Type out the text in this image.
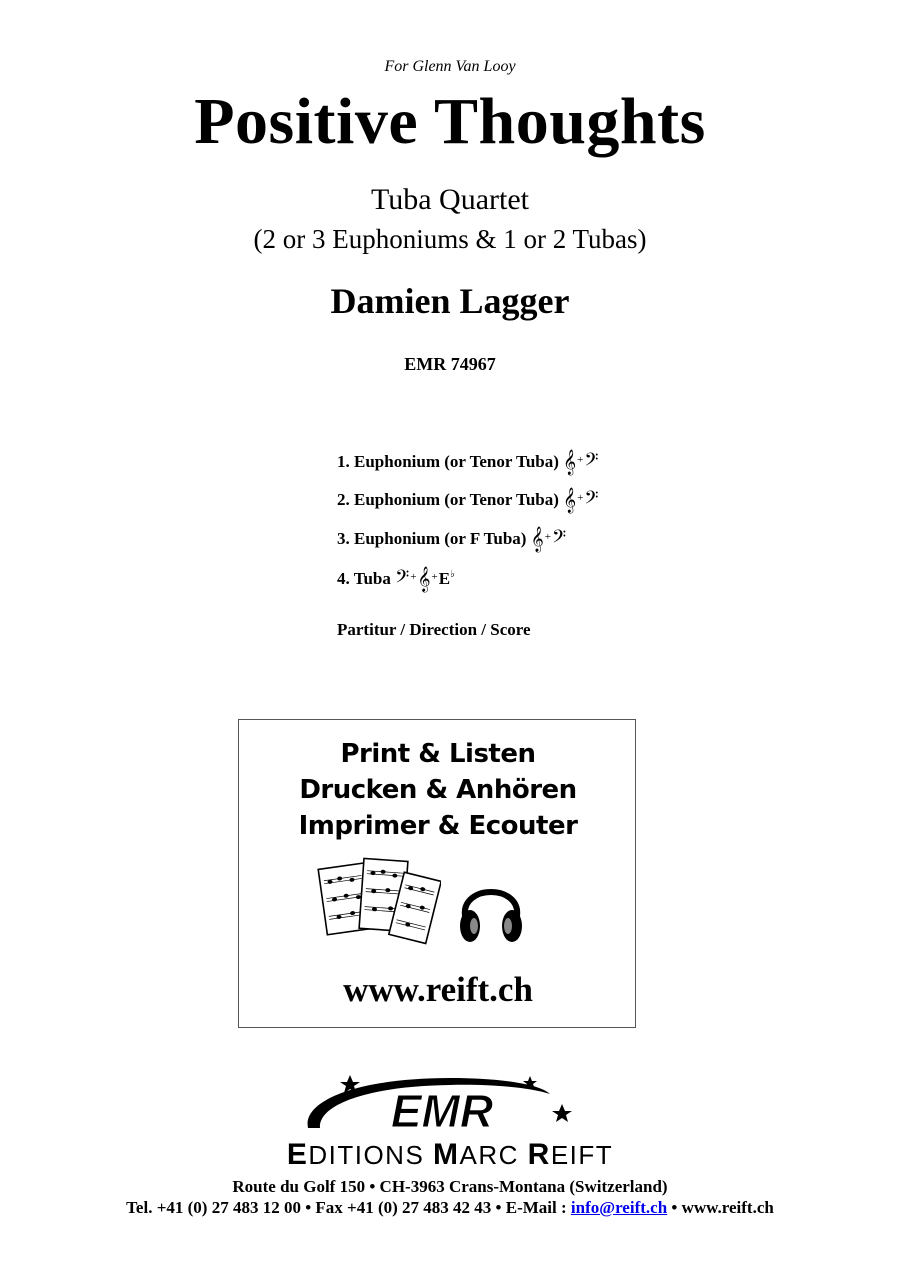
For Glenn Van Looy
Positive Thoughts
Tuba Quartet
(2 or 3 Euphoniums & 1 or 2 Tubas)
Damien Lagger
EMR 74967
1. Euphonium (or Tenor Tuba) 𝄞+𝄢
2. Euphonium (or Tenor Tuba) 𝄞+𝄢
3. Euphonium (or F Tuba) 𝄞+𝄢
4. Tuba 𝄢+𝄞+E♭
Partitur / Direction / Score
Print & Listen
Drucken & Anhören
Imprimer & Ecouter
www.reift.ch
EMR
EDITIONS MARC REIFT
Route du Golf 150 • CH-3963 Crans-Montana (Switzerland)
Tel. +41 (0) 27 483 12 00 • Fax +41 (0) 27 483 42 43 • E-Mail : info@reift.ch • www.reift.ch
